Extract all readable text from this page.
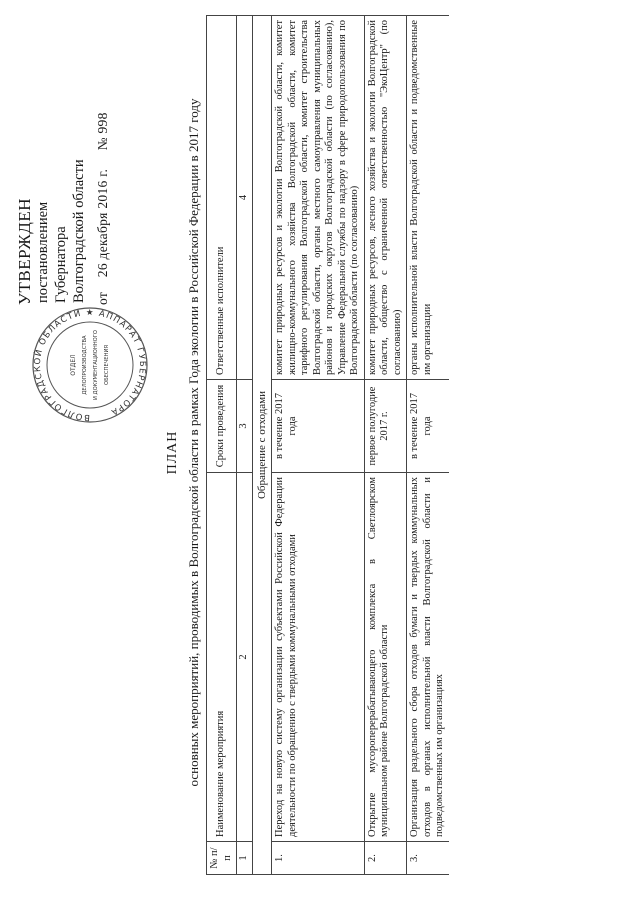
ВОЛГОГРАДСКОЙ ОБЛАСТИ ★ АППАРАТ ГУБЕРНАТОРА
ОТДЕЛ ДЕЛОПРОИЗВОДСТВА И ДОКУМЕНТАЦИОННОГО ОБЕСПЕЧЕНИЯ
УТВЕРЖДЕН постановлением Губернатора Волгоградской области от    26 декабря 2016 г.     № 998
ПЛАН основных мероприятий, проводимых в Волгоградской области в рамках Года экологии в Российской Федерации в 2017 году
№ п/п	Наименование мероприятия	Сроки проведения	Ответственные исполнители
1	2	3	4
Обращение с отходами			
1.	Переход на новую систему организации субъектами Российской Федерации деятельности по обращению с твердыми коммунальными отходами	в течение 2017 года	комитет природных ресурсов и экологии Волгоградской области, комитет жилищно-коммунального хозяйства Волгоградской области, комитет тарифного регулирования Волгоградской области, комитет строительства Волгоградской области, органы местного самоуправления муниципальных районов и городских округов Волгоградской области (по согласованию), Управление Федеральной службы по надзору в сфере природопользования по Волгоградской области (по согласованию)
2.	Открытие мусороперерабатывающего комплекса в Светлоярском муниципальном районе Волгоградской области	первое полугодие 2017 г.	комитет природных ресурсов, лесного хозяйства и экологии Волгоградской области, общество с ограниченной ответственностью "ЭкоЦентр" (по согласованию)
3.	Организация раздельного сбора отходов бумаги и твердых коммунальных отходов в органах исполнительной власти Волгоградской области и подведомственных им организациях	в течение 2017 года	органы исполнительной власти Волгоградской области и подведомственные им организации
